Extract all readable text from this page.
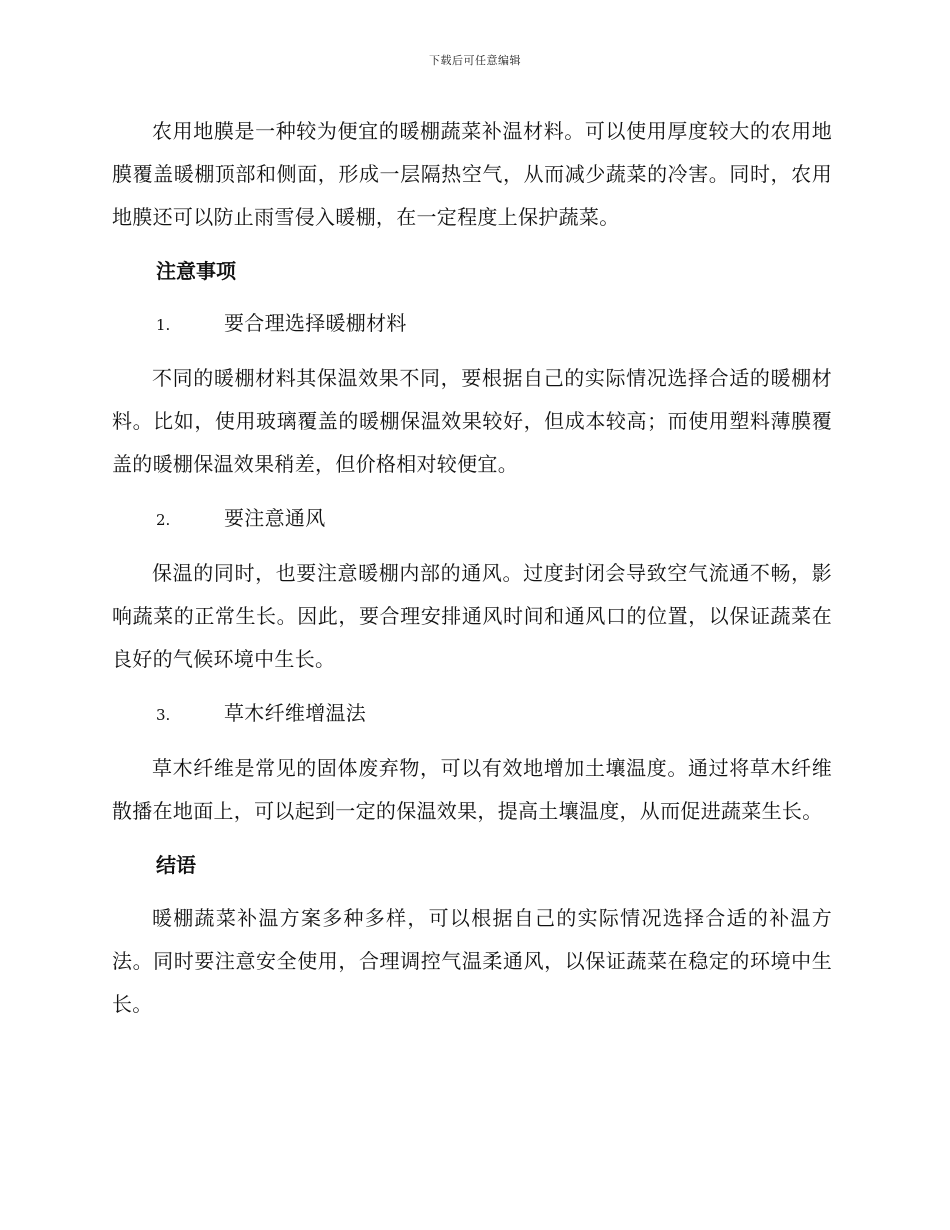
下载后可任意编辑

农用地膜是一种较为便宜的暖棚蔬菜补温材料。可以使用厚度较大的农用地膜覆盖暖棚顶部和侧面，形成一层隔热空气，从而减少蔬菜的冷害。同时，农用地膜还可以防止雨雪侵入暖棚，在一定程度上保护蔬菜。

注意事项
1.	要合理选择暖棚材料

不同的暖棚材料其保温效果不同，要根据自己的实际情况选择合适的暖棚材料。比如，使用玻璃覆盖的暖棚保温效果较好，但成本较高；而使用塑料薄膜覆盖的暖棚保温效果稍差，但价格相对较便宜。

2.	要注意通风

保温的同时，也要注意暖棚内部的通风。过度封闭会导致空气流通不畅，影响蔬菜的正常生长。因此，要合理安排通风时间和通风口的位置，以保证蔬菜在良好的气候环境中生长。

3.	草木纤维增温法

草木纤维是常见的固体废弃物，可以有效地增加土壤温度。通过将草木纤维散播在地面上，可以起到一定的保温效果，提高土壤温度，从而促进蔬菜生长。

结语

暖棚蔬菜补温方案多种多样，可以根据自己的实际情况选择合适的补温方法。同时要注意安全使用，合理调控气温柔通风，以保证蔬菜在稳定的环境中生长。
